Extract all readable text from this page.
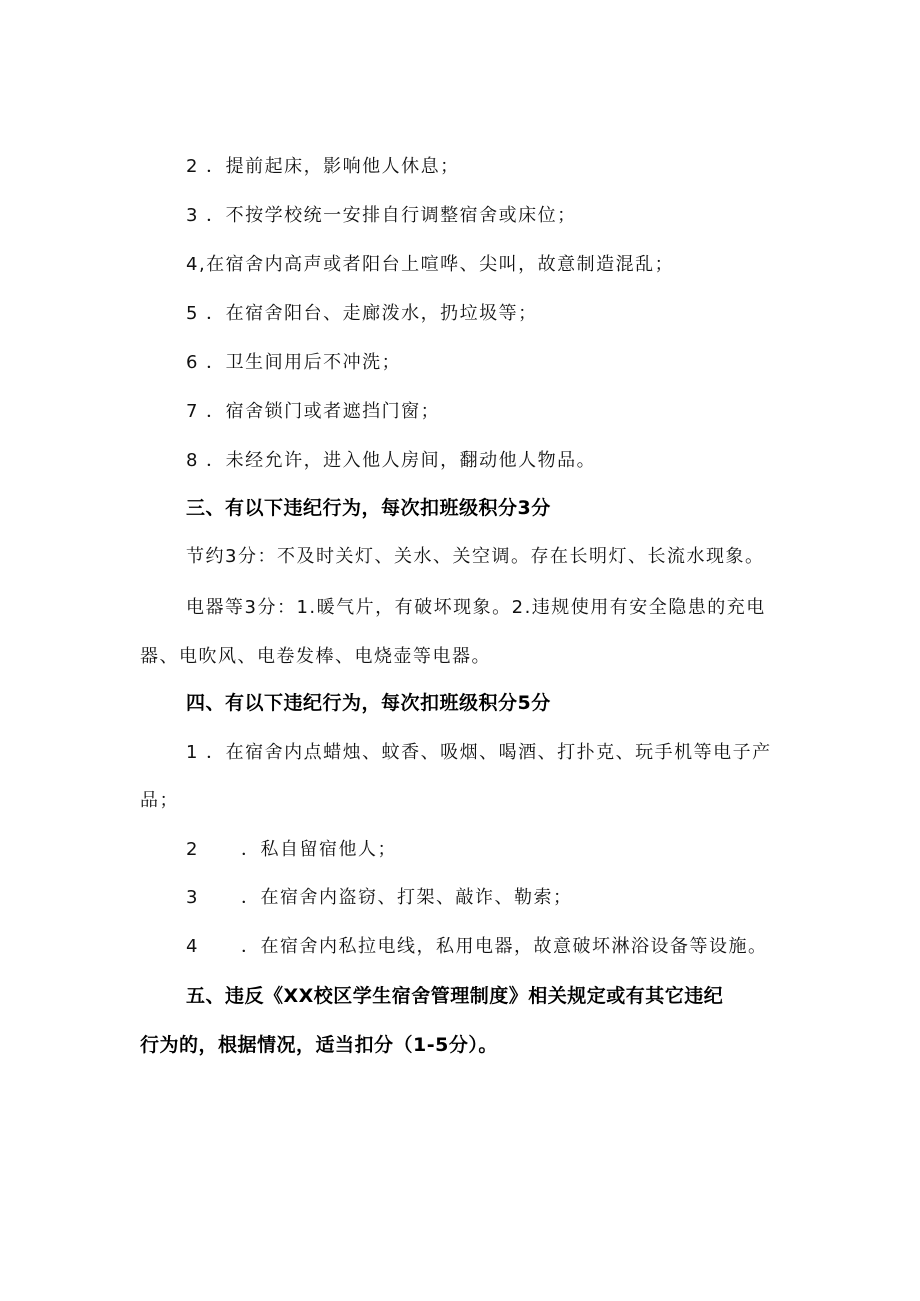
2 ．提前起床，影响他人休息；
3 ．不按学校统一安排自行调整宿舍或床位；
4,在宿舍内高声或者阳台上喧哗、尖叫，故意制造混乱；
5 ．在宿舍阳台、走廊泼水，扔垃圾等；
6 ．卫生间用后不冲洗；
7 ．宿舍锁门或者遮挡门窗；
8 ．未经允许，进入他人房间，翻动他人物品。
三、有以下违纪行为，每次扣班级积分3分
节约3分：不及时关灯、关水、关空调。存在长明灯、长流水现象。
电器等3分：1.暖气片，有破坏现象。2.违规使用有安全隐患的充电
器、电吹风、电卷发棒、电烧壶等电器。
四、有以下违纪行为，每次扣班级积分5分
1 ．在宿舍内点蜡烛、蚊香、吸烟、喝酒、打扑克、玩手机等电子产
品；
2 ．私自留宿他人；
3 ．在宿舍内盗窃、打架、敲诈、勒索；
4 ．在宿舍内私拉电线，私用电器，故意破坏淋浴设备等设施。
五、违反《XX校区学生宿舍管理制度》相关规定或有其它违纪
行为的，根据情况，适当扣分（1-5分）。
